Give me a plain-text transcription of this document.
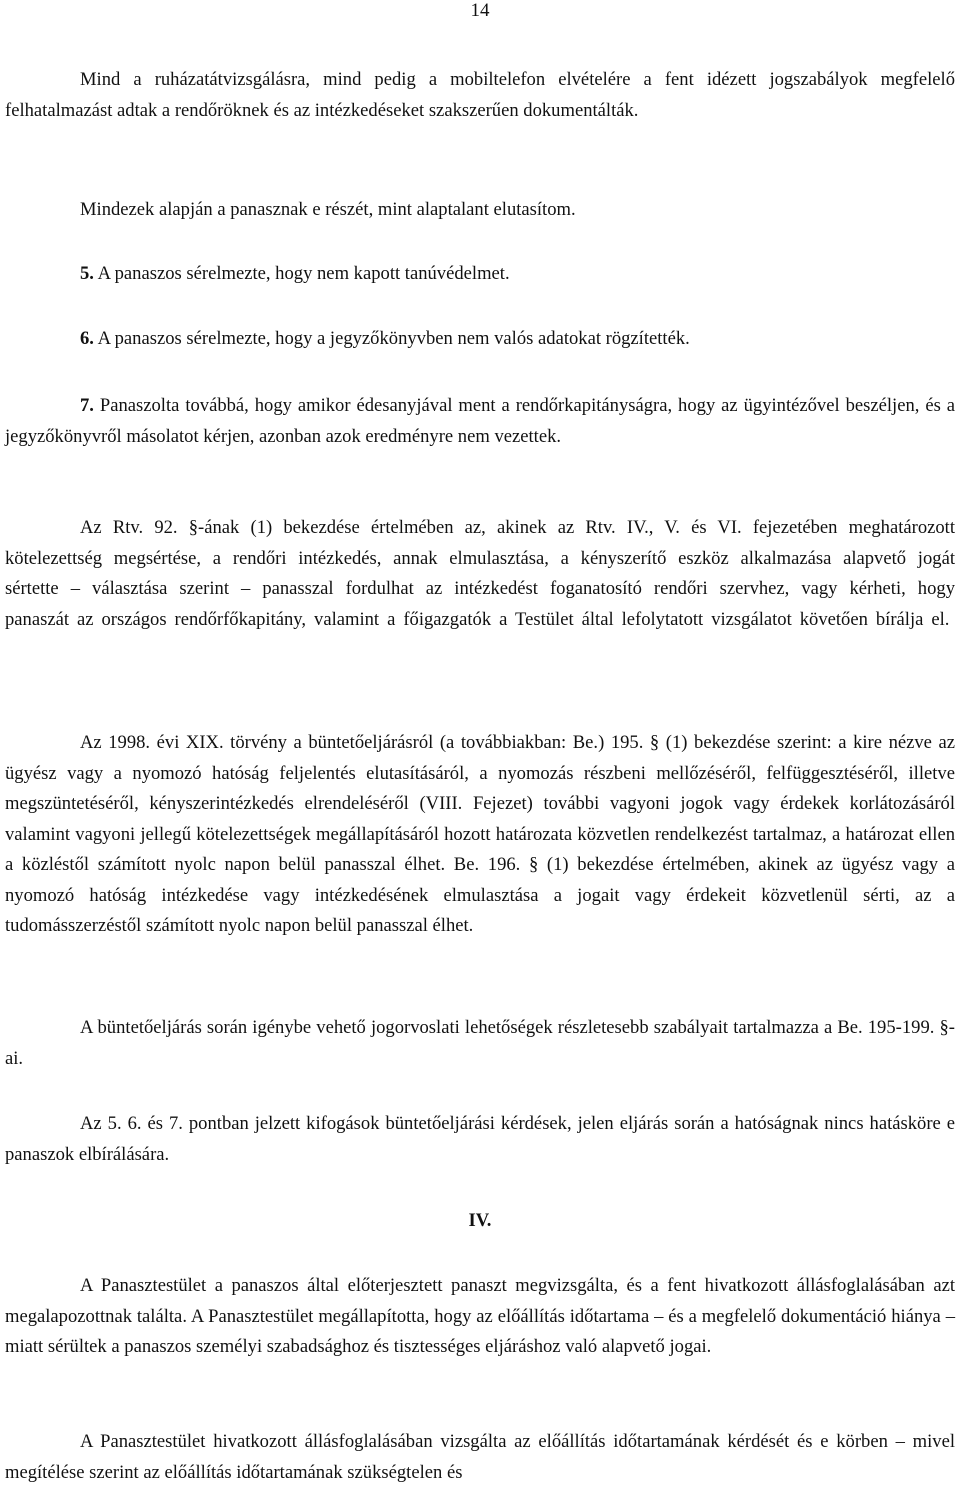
14

Mind a ruházatátvizsgálásra, mind pedig a mobiltelefon elvételére a fent idézett jogszabályok megfelelő felhatalmazást adtak a rendőröknek és az intézkedéseket szakszerűen dokumentálták.

Mindezek alapján a panasznak e részét, mint alaptalant elutasítom.

5. A panaszos sérelmezte, hogy nem kapott tanúvédelmet.

6. A panaszos sérelmezte, hogy a jegyzőkönyvben nem valós adatokat rögzítették.

7. Panaszolta továbbá, hogy amikor édesanyjával ment a rendőrkapitányságra, hogy az ügyintézővel beszéljen, és a jegyzőkönyvről másolatot kérjen, azonban azok eredményre nem vezettek.

Az Rtv. 92. §-ának (1) bekezdése értelmében az, akinek az Rtv. IV., V. és VI. fejezetében meghatározott kötelezettség megsértése, a rendőri intézkedés, annak elmulasztása, a kényszerítő eszköz alkalmazása alapvető jogát sértette – választása szerint – panasszal fordulhat az intézkedést foganatosító rendőri szervhez, vagy kérheti, hogy panaszát az országos rendőrfőkapitány, valamint a főigazgatók a Testület által lefolytatott vizsgálatot követően bírálja el.

Az 1998. évi XIX. törvény a büntetőeljárásról (a továbbiakban: Be.) 195. § (1) bekezdése szerint: a kire nézve az ügyész vagy a nyomozó hatóság feljelentés elutasításáról, a nyomozás részbeni mellőzéséről, felfüggesztéséről, illetve megszüntetéséről, kényszerintézkedés elrendeléséről (VIII. Fejezet) további vagyoni jogok vagy érdekek korlátozásáról valamint vagyoni jellegű kötelezettségek megállapításáról hozott határozata közvetlen rendelkezést tartalmaz, a határozat ellen a közléstől számított nyolc napon belül panasszal élhet. Be. 196. § (1) bekezdése értelmében, akinek az ügyész vagy a nyomozó hatóság intézkedése vagy intézkedésének elmulasztása a jogait vagy érdekeit közvetlenül sérti, az a tudomásszerzéstől számított nyolc napon belül panasszal élhet.

A büntetőeljárás során igénybe vehető jogorvoslati lehetőségek részletesebb szabályait tartalmazza a Be. 195-199. §-ai.

Az 5. 6. és 7. pontban jelzett kifogások büntetőeljárási kérdések, jelen eljárás során a hatóságnak nincs hatásköre e panaszok elbírálására.

IV.

A Panasztestület a panaszos által előterjesztett panaszt megvizsgálta, és a fent hivatkozott állásfoglalásában azt megalapozottnak találta. A Panasztestület megállapította, hogy az előállítás időtartama – és a megfelelő dokumentáció hiánya – miatt sérültek a panaszos személyi szabadsághoz és tisztességes eljáráshoz való alapvető jogai.

A Panasztestület hivatkozott állásfoglalásában vizsgálta az előállítás időtartamának kérdését és e körben – mivel megítélése szerint az előállítás időtartamának szükségtelen és
